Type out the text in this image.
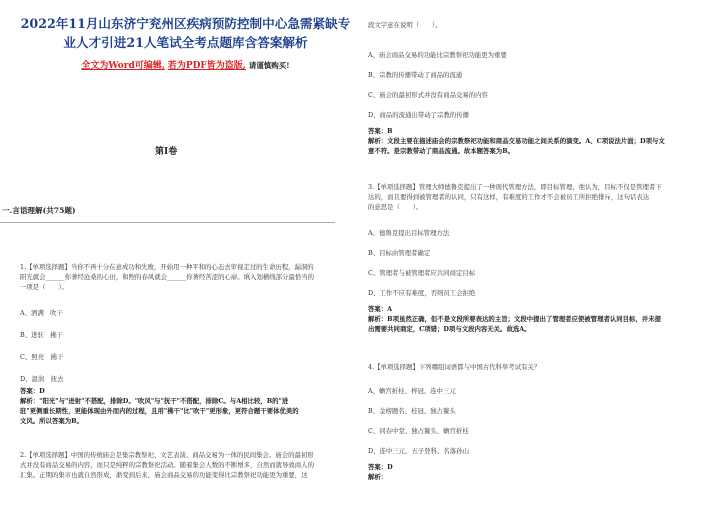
2022年11月山东济宁兖州区疾病预防控制中心急需紧缺专业人才引进21人笔试全考点题库含答案解析
全文为Word可编辑, 若为PDF皆为盗版, 请谨慎购买!
第I卷
一.言语理解(共75题)
1.【单项选择题】当你不再十分在意成功和失败，开始用一种平和的心态去审视走过的生命历程，漏洞的
阳光就会______你著经沧桑的心田，和煦的春风就会______你著经苦涩的心扉。填入划横线部分最恰当的
一项是（　　）。
A、洒满　吹干
B、进驻　拂干
C、照亮　拂干
D、温润　抚去
答案：D
解析："阳光"与"迸射"不搭配，排除D。"吹风"与"抚干"不搭配，排除C。与A相比较，B的"进
驻"更侧重长期性，更能体现由外而内的过程，且用"拂干"比"吹干"更形象，更符合题干要体优美的
文风。所以答案为B。
2.【单项选择题】中国的传统庙会是集宗教祭祀、文艺表演、商品交易为一体的民间集会。庙会的最初形
式并没有商品交易的内容，而只是纯粹的宗教祭祀活动。随着集会人数的不断增多，自然而就导致商人的
汇集。正期的集市也就自然形成，渐变到后来，庙会商品交易的功能变得比宗教祭祀功能更为重要，这
段文字意在说明（　　）。
A、庙会商品交易的功能比宗教祭祀功能更为重要
B、宗教的传播带动了商品的流通
C、庙会的最初形式并没有商品交易的内容
D、商品的流通出带动了宗教的传播
答案：B
解析：文段主要在描述庙会的宗教祭祀功能和商品交易功能之间关系的演变。A、C项说法片面；D项与文
意不符。是宗教带动了商品流通。故本题答案为B。
3.【单项选择题】管理大师德鲁克提出了一种现代管理方法，即目标管理，他认为，目标不仅是管理者下
达的，而且要得到被管理者的认同，只有这样，有难度的工作才不会被员工所拒绝排斥，这句话表达
的意思是（　　）。
A、德鲁克提出目标管理方法
B、目标由管理者确定
C、管理者与被管理者应共同商定目标
D、工作不应有难度，否则员工会拒绝
答案：A
解析：B项虽然正确，但不是文段所要表达的主旨；文段中提出了管理者应使被管理者认同目标，并未提
出需要共同商定，C项错；D项与文段内容无关。故选A。
4.【单项选择题】下列哪组词语都与中国古代科举考试有关？
A、蟾宫折桂、梓冠、连中三元
B、金榜题名、桂冠、独占鳌头
C、同春中堂、独占鳌头、蟾宫折桂
D、连中三元、五子登科、名落孙山
答案：D
解析：
